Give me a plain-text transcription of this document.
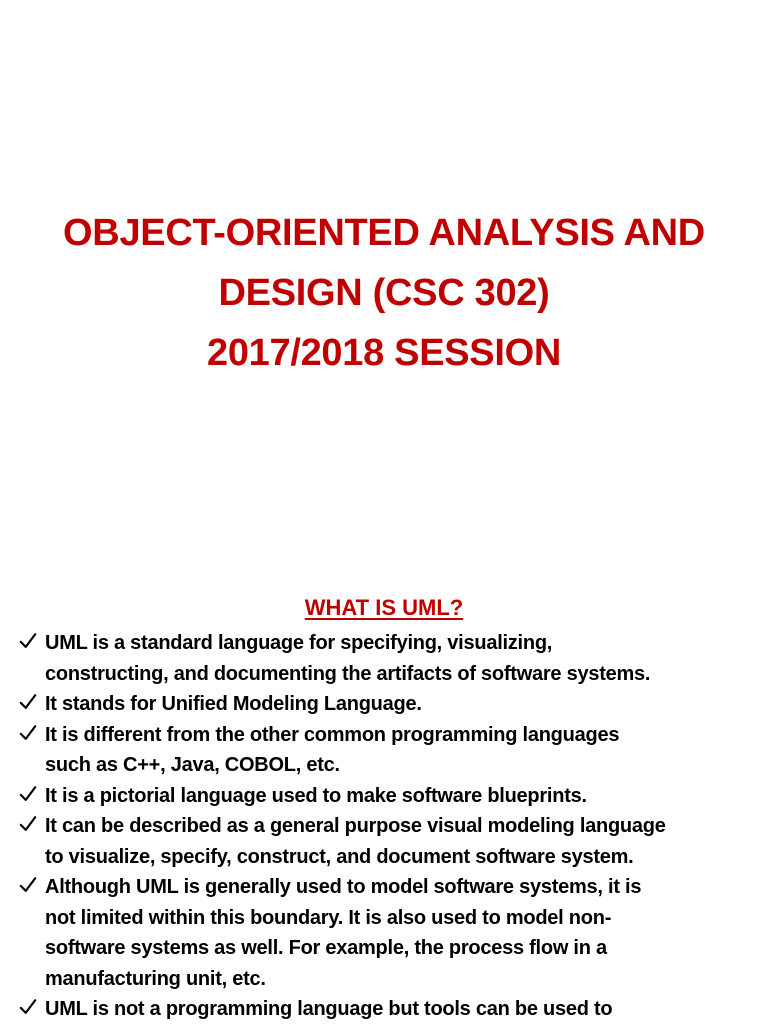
OBJECT-ORIENTED ANALYSIS AND
DESIGN (CSC 302)
2017/2018 SESSION
WHAT IS UML?
UML is a standard language for specifying, visualizing,
constructing, and documenting the artifacts of software systems.
It stands for Unified Modeling Language.
It is different from the other common programming languages
such as C++, Java, COBOL, etc.
It is a pictorial language used to make software blueprints.
It can be described as a general purpose visual modeling language
to visualize, specify, construct, and document software system.
Although UML is generally used to model software systems, it is
not limited within this boundary. It is also used to model non-
software systems as well. For example, the process flow in a
manufacturing unit, etc.
UML is not a programming language but tools can be used to
